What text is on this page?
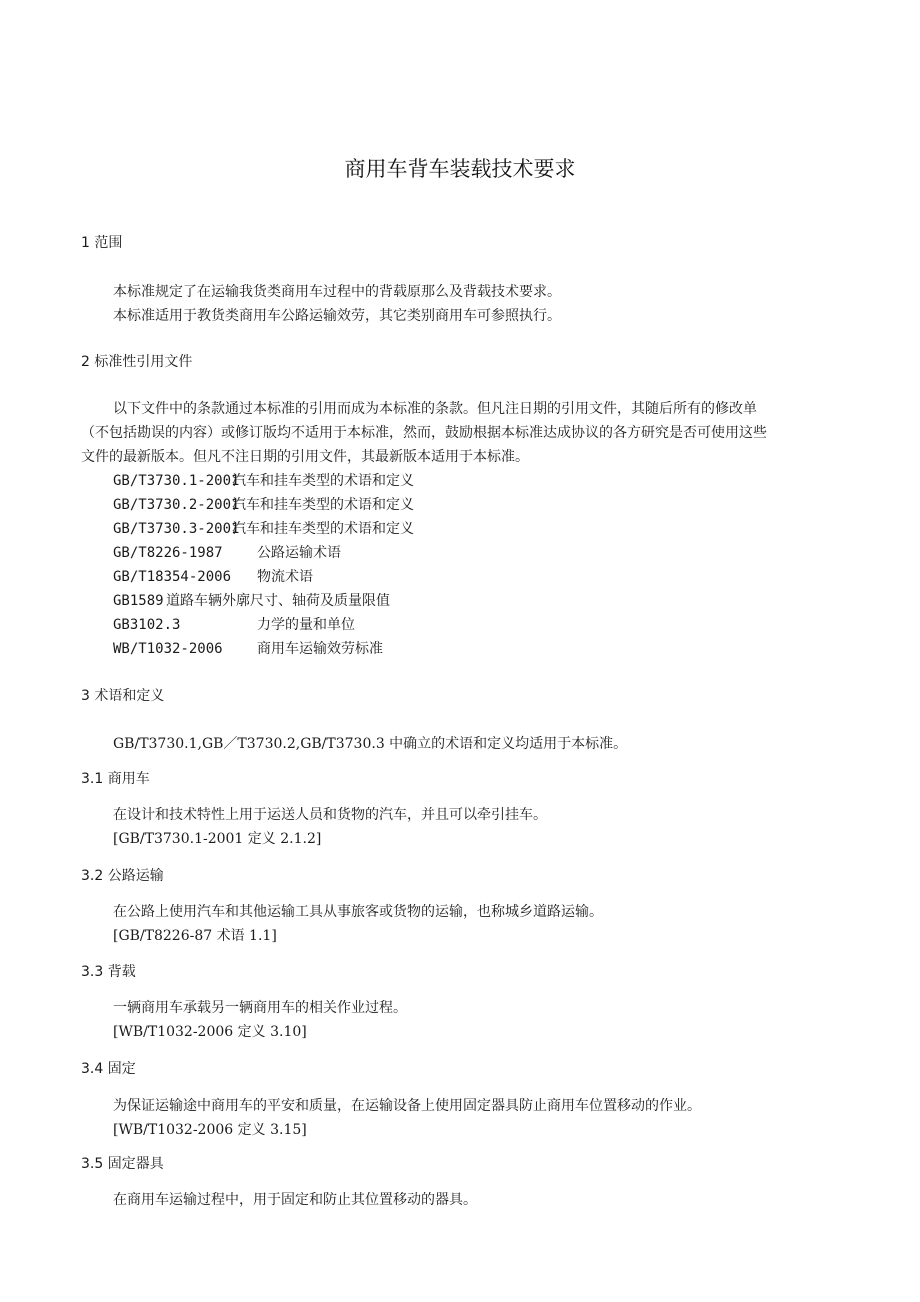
商用车背车装载技术要求
1 范围
本标准规定了在运输我货类商用车过程中的背载原那么及背载技术要求。
本标准适用于教货类商用车公路运输效劳，其它类别商用车可参照执行。
2 标准性引用文件
以下文件中的条款通过本标准的引用而成为本标准的条款。但凡注日期的引用文件，其随后所有的修改单
（不包括勘误的内容）或修订版均不适用于本标准，然而，鼓励根据本标准达成协议的各方研究是否可使用这些
文件的最新版本。但凡不注日期的引用文件，其最新版本适用于本标准。
GB/T3730.1-2001
汽车和挂车类型的术语和定义
GB/T3730.2-2001
汽车和挂车类型的术语和定义
GB/T3730.3-2001
汽车和挂车类型的术语和定义
GB/T8226-1987 公路运输术语
GB/T18354-2006 物流术语
GB1589 道路车辆外廓尺寸、轴荷及质量限值
GB3102.3	力学的量和单位
WB/T1032-2006 商用车运输效劳标准
3 术语和定义
GB/T3730.1,GB／T3730.2,GB/T3730.3 中确立的术语和定义均适用于本标准。
3.1 商用车
在设计和技术特性上用于运送人员和货物的汽车，并且可以牵引挂车。
[GB/T3730.1-2001 定义 2.1.2]
3.2 公路运输
在公路上使用汽车和其他运输工具从事旅客或货物的运输，也称城乡道路运输。
[GB/T8226-87 术语 1.1]
3.3 背载
一辆商用车承载另一辆商用车的相关作业过程。
[WB/T1032-2006 定义 3.10]
3.4 固定
为保证运输途中商用车的平安和质量，在运输设备上使用固定器具防止商用车位置移动的作业。
[WB/T1032-2006 定义 3.15]
3.5 固定器具
在商用车运输过程中，用于固定和防止其位置移动的器具。
